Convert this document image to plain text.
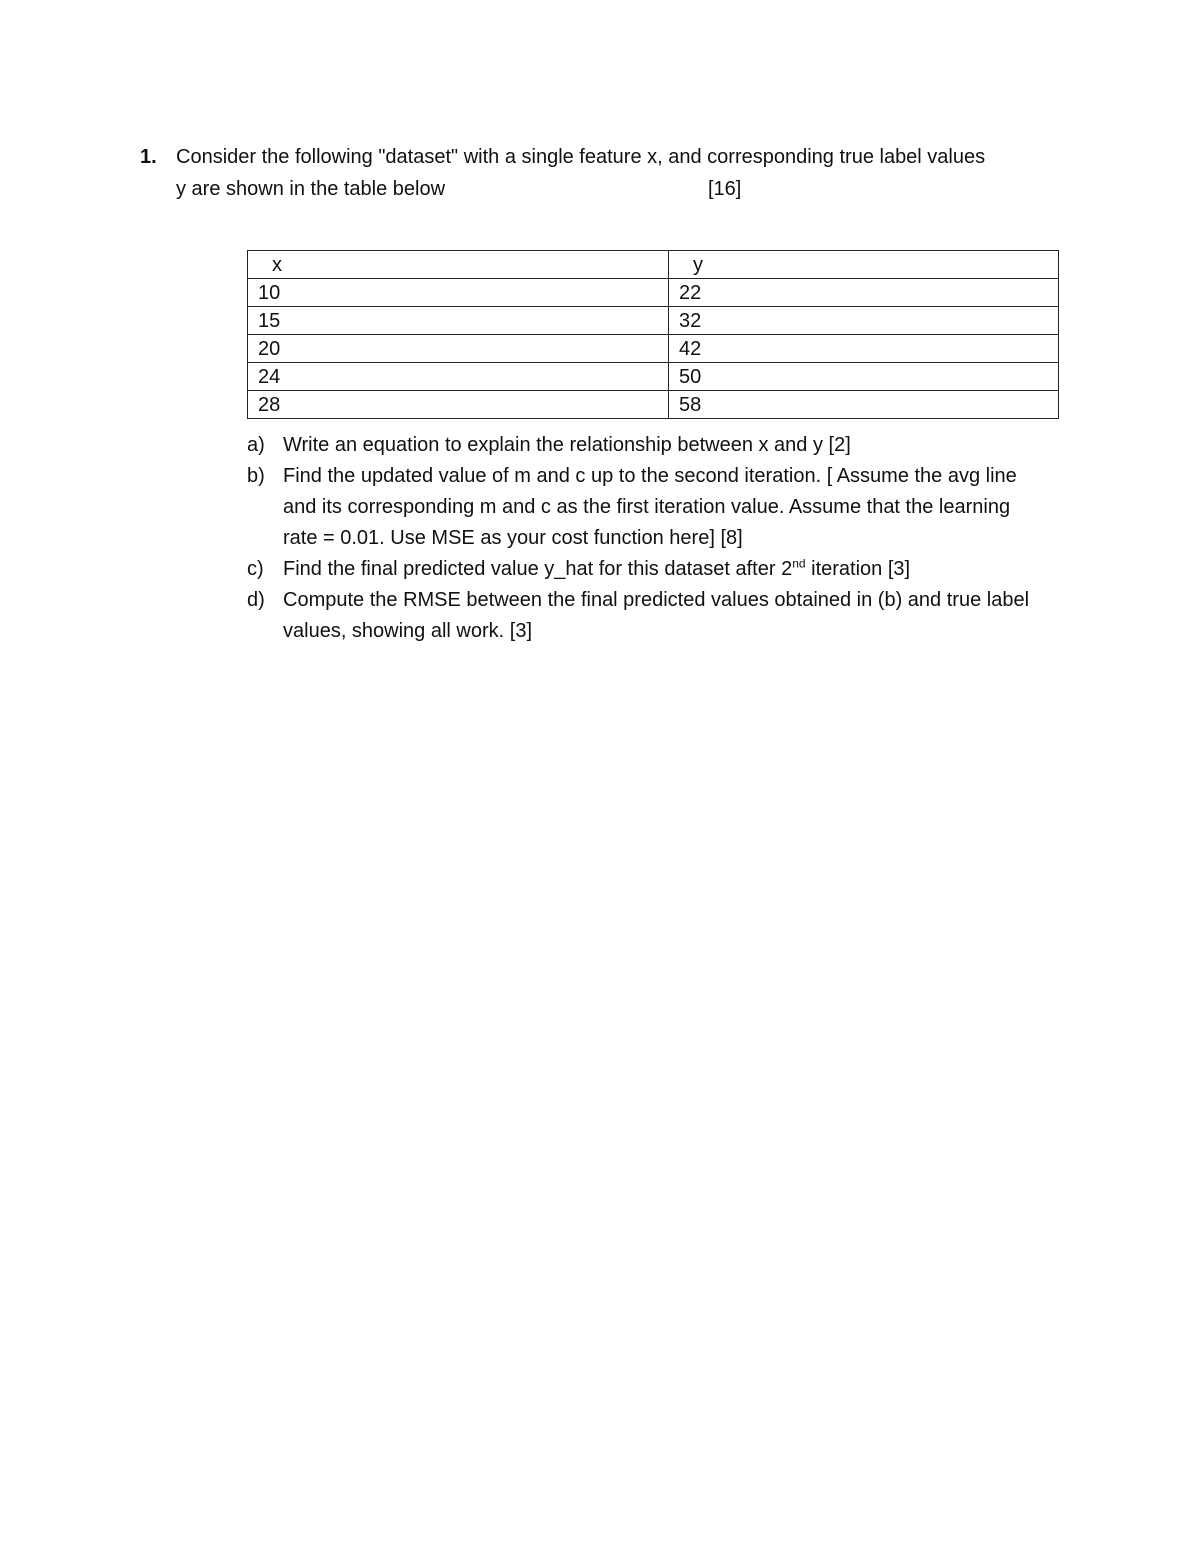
1. Consider the following "dataset" with a single feature x, and corresponding true label values
y are shown in the table below	[16]
x	y
10	22
15	32
20	42
24	50
28	58
a) Write an equation to explain the relationship between x and y [2]
b) Find the updated value of m and c up to the second iteration. [ Assume the avg line and its corresponding m and c as the first iteration value. Assume that the learning rate = 0.01. Use MSE as your cost function here] [8]
c) Find the final predicted value y_hat for this dataset after 2nd iteration [3]
d) Compute the RMSE between the final predicted values obtained in (b) and true label values, showing all work. [3]
